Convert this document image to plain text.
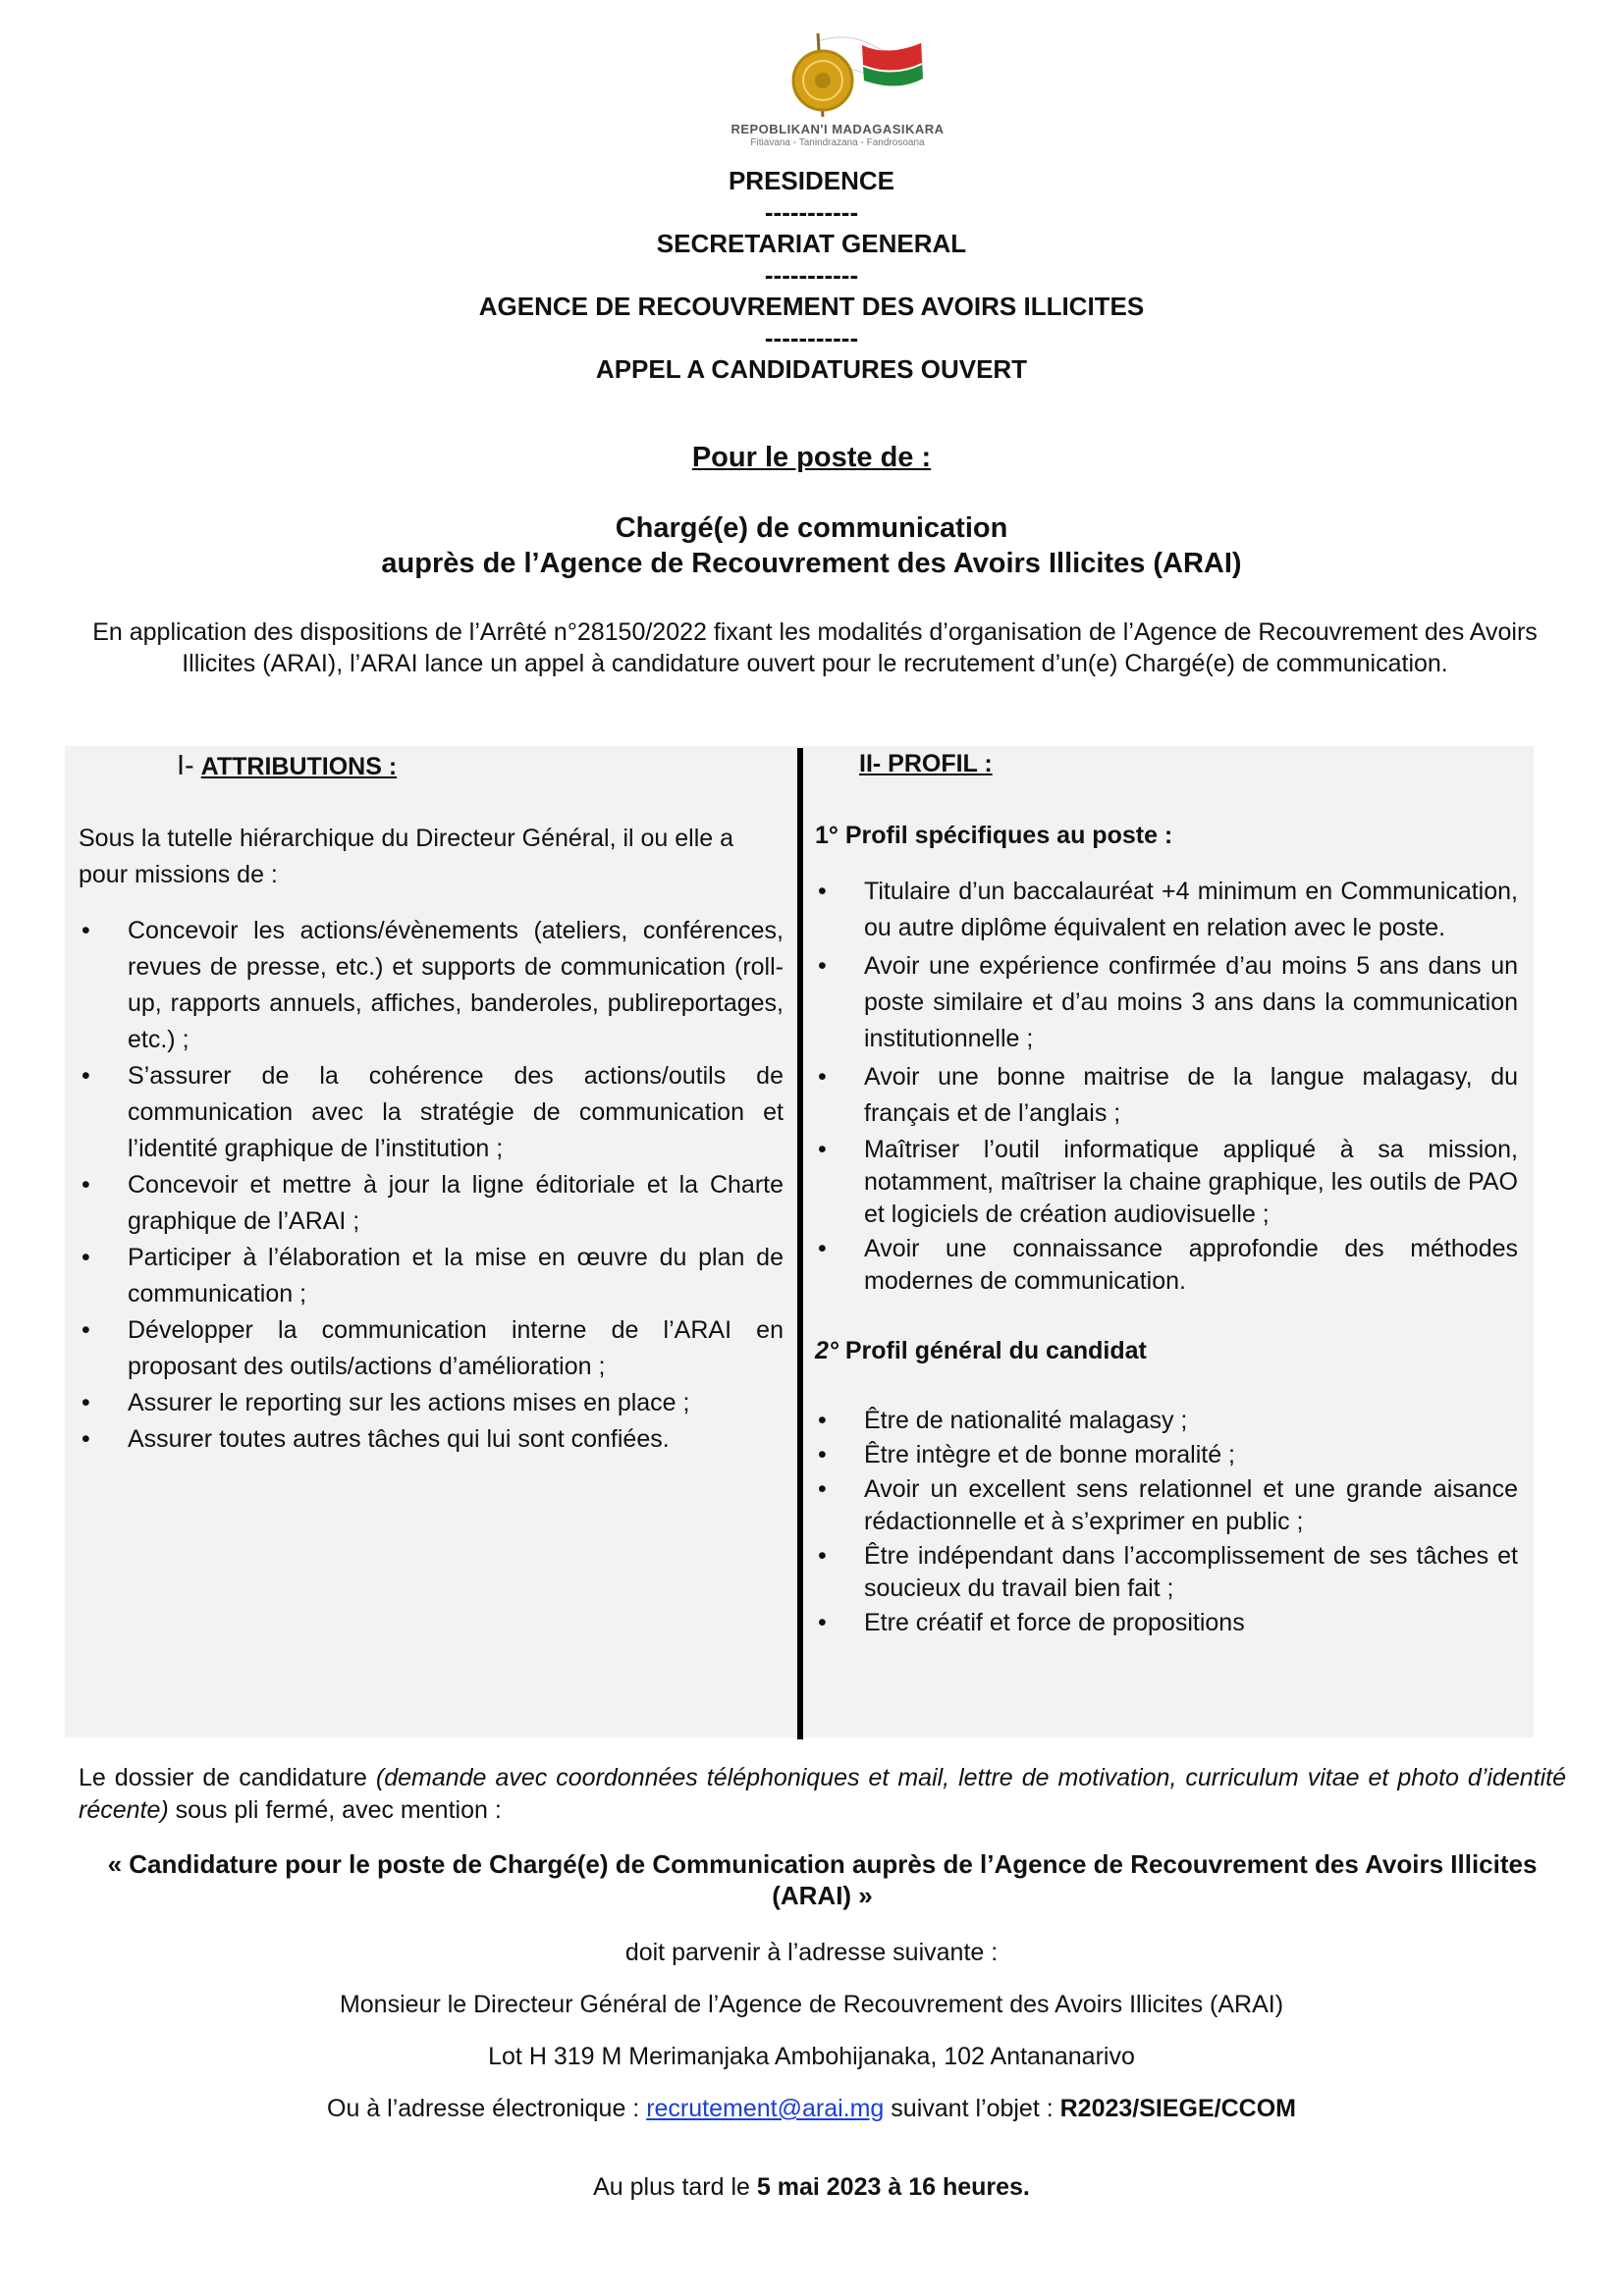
REPOBLIKAN'I MADAGASIKARA
Fitiavana - Tanindrazana - Fandrosoana
PRESIDENCE
-----------
SECRETARIAT GENERAL
-----------
AGENCE DE RECOUVREMENT DES AVOIRS ILLICITES
-----------
APPEL A CANDIDATURES OUVERT
Pour le poste de :
Chargé(e) de communication
auprès de l’Agence de Recouvrement des Avoirs Illicites (ARAI)
En application des dispositions de l’Arrêté n°28150/2022 fixant les modalités d’organisation de l’Agence de Recouvrement des Avoirs Illicites (ARAI), l’ARAI lance un appel à candidature ouvert pour le recrutement d’un(e) Chargé(e) de communication.
I- ATTRIBUTIONS :

Sous la tutelle hiérarchique du Directeur Général, il ou elle a pour missions de :

• Concevoir les actions/évènements (ateliers, conférences, revues de presse, etc.) et supports de communication (roll-up, rapports annuels, affiches, banderoles, publireportages, etc.) ;
• S’assurer de la cohérence des actions/outils de communication avec la stratégie de communication et l’identité graphique de l’institution ;
• Concevoir et mettre à jour la ligne éditoriale et la Charte graphique de l’ARAI ;
• Participer à l’élaboration et la mise en œuvre du plan de communication ;
• Développer la communication interne de l’ARAI en proposant des outils/actions d’amélioration ;
• Assurer le reporting sur les actions mises en place ;
• Assurer toutes autres tâches qui lui sont confiées.
II- PROFIL :
1° Profil spécifiques au poste :
• Titulaire d’un baccalauréat +4 minimum en Communication, ou autre diplôme équivalent en relation avec le poste.
• Avoir une expérience confirmée d’au moins 5 ans dans un poste similaire et d’au moins 3 ans dans la communication institutionnelle ;
• Avoir une bonne maitrise de la langue malagasy, du français et de l’anglais ;
• Maîtriser l’outil informatique appliqué à sa mission, notamment, maîtriser la chaine graphique, les outils de PAO et logiciels de création audiovisuelle ;
• Avoir une connaissance approfondie des méthodes modernes de communication.
2° Profil général du candidat
• Être de nationalité malagasy ;
• Être intègre et de bonne moralité ;
• Avoir un excellent sens relationnel et une grande aisance rédactionnelle et à s’exprimer en public ;
• Être indépendant dans l’accomplissement de ses tâches et soucieux du travail bien fait ;
• Etre créatif et force de propositions
Le dossier de candidature (demande avec coordonnées téléphoniques et mail, lettre de motivation, curriculum vitae et photo d’identité récente) sous pli fermé, avec mention :
« Candidature pour le poste de Chargé(e) de Communication auprès de l’Agence de Recouvrement des Avoirs Illicites (ARAI) »
doit parvenir à l’adresse suivante :
Monsieur le Directeur Général de l’Agence de Recouvrement des Avoirs Illicites (ARAI)
Lot H 319 M Merimanjaka Ambohijanaka, 102 Antananarivo
Ou à l’adresse électronique : recrutement@arai.mg suivant l’objet : R2023/SIEGE/CCOM
Au plus tard le 5 mai 2023 à 16 heures.
